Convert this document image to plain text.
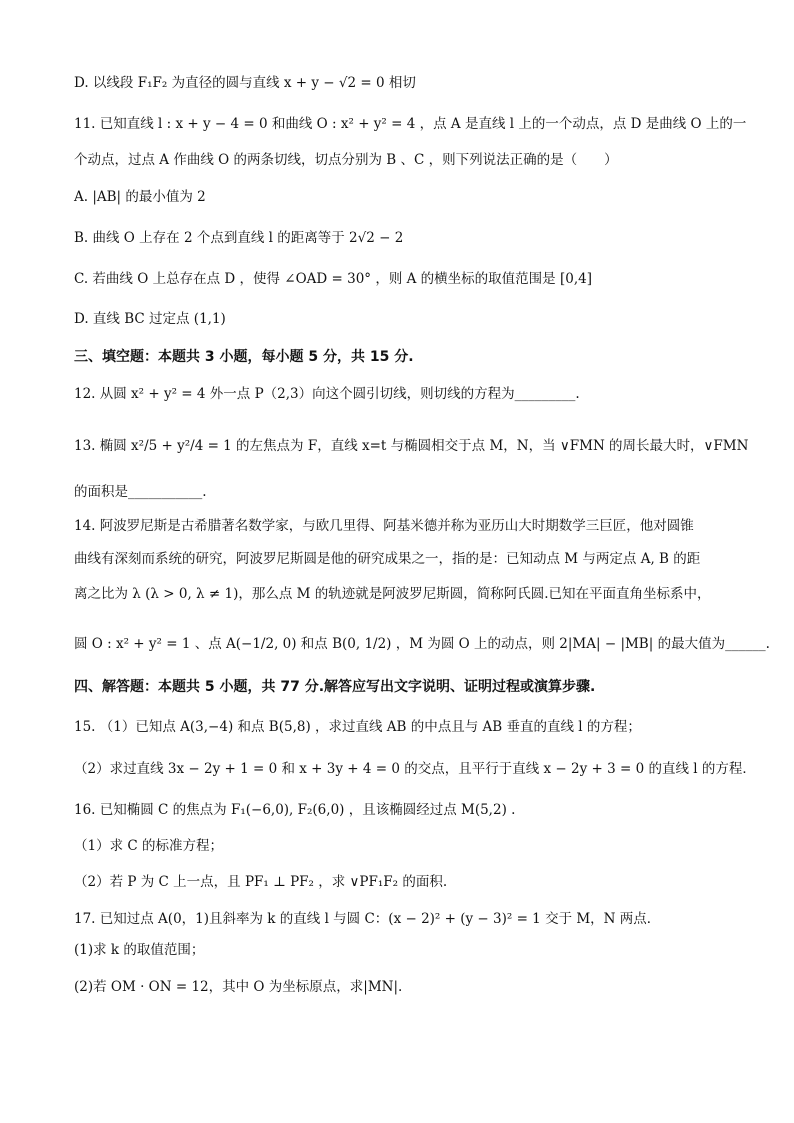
D. 以线段 F₁F₂ 为直径的圆与直线 x + y − √2 = 0 相切
11. 已知直线 l : x + y − 4 = 0 和曲线 O : x² + y² = 4 ，点 A 是直线 l 上的一个动点，点 D 是曲线 O 上的一
个动点，过点 A 作曲线 O 的两条切线，切点分别为 B 、C ，则下列说法正确的是（　　）
A. |AB| 的最小值为 2
B. 曲线 O 上存在 2 个点到直线 l 的距离等于 2√2 − 2
C. 若曲线 O 上总存在点 D ，使得 ∠OAD = 30° ，则 A 的横坐标的取值范围是 [0,4]
D. 直线 BC 过定点 (1,1)
三、填空题：本题共 3 小题，每小题 5 分，共 15 分.
12. 从圆 x² + y² = 4 外一点 P（2,3）向这个圆引切线，则切线的方程为_________.
13. 椭圆 x²/5 + y²/4 = 1 的左焦点为 F，直线 x=t 与椭圆相交于点 M，N，当 ∨FMN 的周长最大时，∨FMN
的面积是___________.
14. 阿波罗尼斯是古希腊著名数学家，与欧几里得、阿基米德并称为亚历山大时期数学三巨匠，他对圆锥
曲线有深刻而系统的研究，阿波罗尼斯圆是他的研究成果之一，指的是：已知动点 M 与两定点 A, B 的距
离之比为 λ (λ > 0, λ ≠ 1)，那么点 M 的轨迹就是阿波罗尼斯圆，简称阿氏圆.已知在平面直角坐标系中，
圆 O : x² + y² = 1 、点 A(−1/2, 0) 和点 B(0, 1/2) ，M 为圆 O 上的动点，则 2|MA| − |MB| 的最大值为______.
四、解答题：本题共 5 小题，共 77 分.解答应写出文字说明、证明过程或演算步骤.
15. （1）已知点 A(3,−4) 和点 B(5,8) ，求过直线 AB 的中点且与 AB 垂直的直线 l 的方程；
（2）求过直线 3x − 2y + 1 = 0 和 x + 3y + 4 = 0 的交点，且平行于直线 x − 2y + 3 = 0 的直线 l 的方程．
16. 已知椭圆 C 的焦点为 F₁(−6,0), F₂(6,0) ，且该椭圆经过点 M(5,2) .
（1）求 C 的标准方程；
（2）若 P 为 C 上一点，且 PF₁ ⊥ PF₂ ，求 ∨PF₁F₂ 的面积.
17. 已知过点 A(0，1)且斜率为 k 的直线 l 与圆 C：(x − 2)² + (y − 3)² = 1 交于 M，N 两点．
(1)求 k 的取值范围；
(2)若 OM · ON = 12，其中 O 为坐标原点，求|MN|.
